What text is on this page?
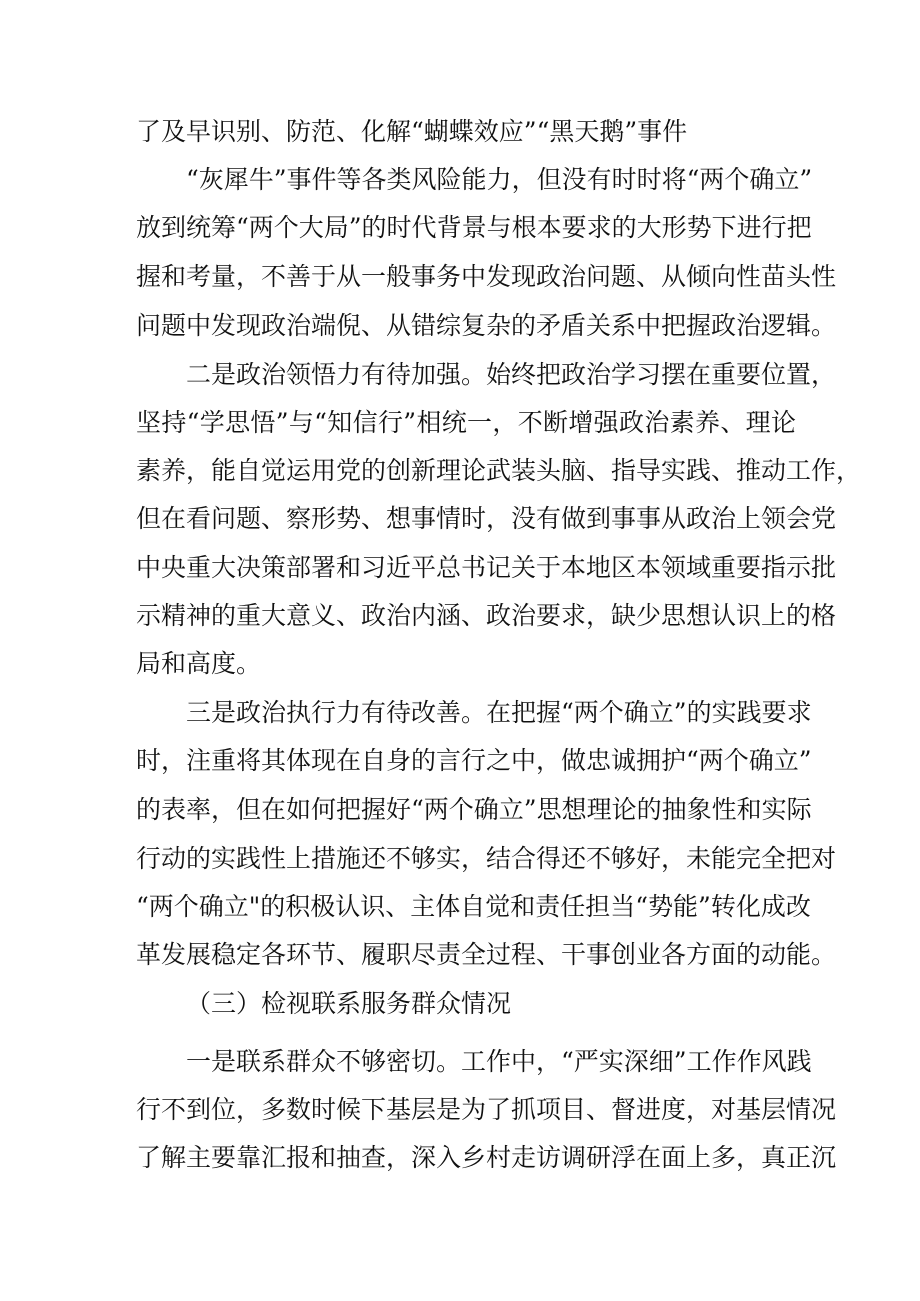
了及早识别、防范、化解“蝴蝶效应”“黑天鹅”事件
“灰犀牛”事件等各类风险能力，但没有时时将“两个确立”
放到统筹“两个大局”的时代背景与根本要求的大形势下进行把
握和考量，不善于从一般事务中发现政治问题、从倾向性苗头性
问题中发现政治端倪、从错综复杂的矛盾关系中把握政治逻辑。
二是政治领悟力有待加强。始终把政治学习摆在重要位置，
坚持“学思悟”与“知信行”相统一，不断增强政治素养、理论
素养，能自觉运用党的创新理论武装头脑、指导实践、推动工作，
但在看问题、察形势、想事情时，没有做到事事从政治上领会党
中央重大决策部署和习近平总书记关于本地区本领域重要指示批
示精神的重大意义、政治内涵、政治要求，缺少思想认识上的格
局和高度。
三是政治执行力有待改善。在把握“两个确立”的实践要求
时，注重将其体现在自身的言行之中，做忠诚拥护“两个确立”
的表率，但在如何把握好“两个确立”思想理论的抽象性和实际
行动的实践性上措施还不够实，结合得还不够好，未能完全把对
“两个确立"的积极认识、主体自觉和责任担当“势能”转化成改
革发展稳定各环节、履职尽责全过程、干事创业各方面的动能。
（三）检视联系服务群众情况
一是联系群众不够密切。工作中，“严实深细”工作作风践
行不到位，多数时候下基层是为了抓项目、督进度，对基层情况
了解主要靠汇报和抽查，深入乡村走访调研浮在面上多，真正沉
